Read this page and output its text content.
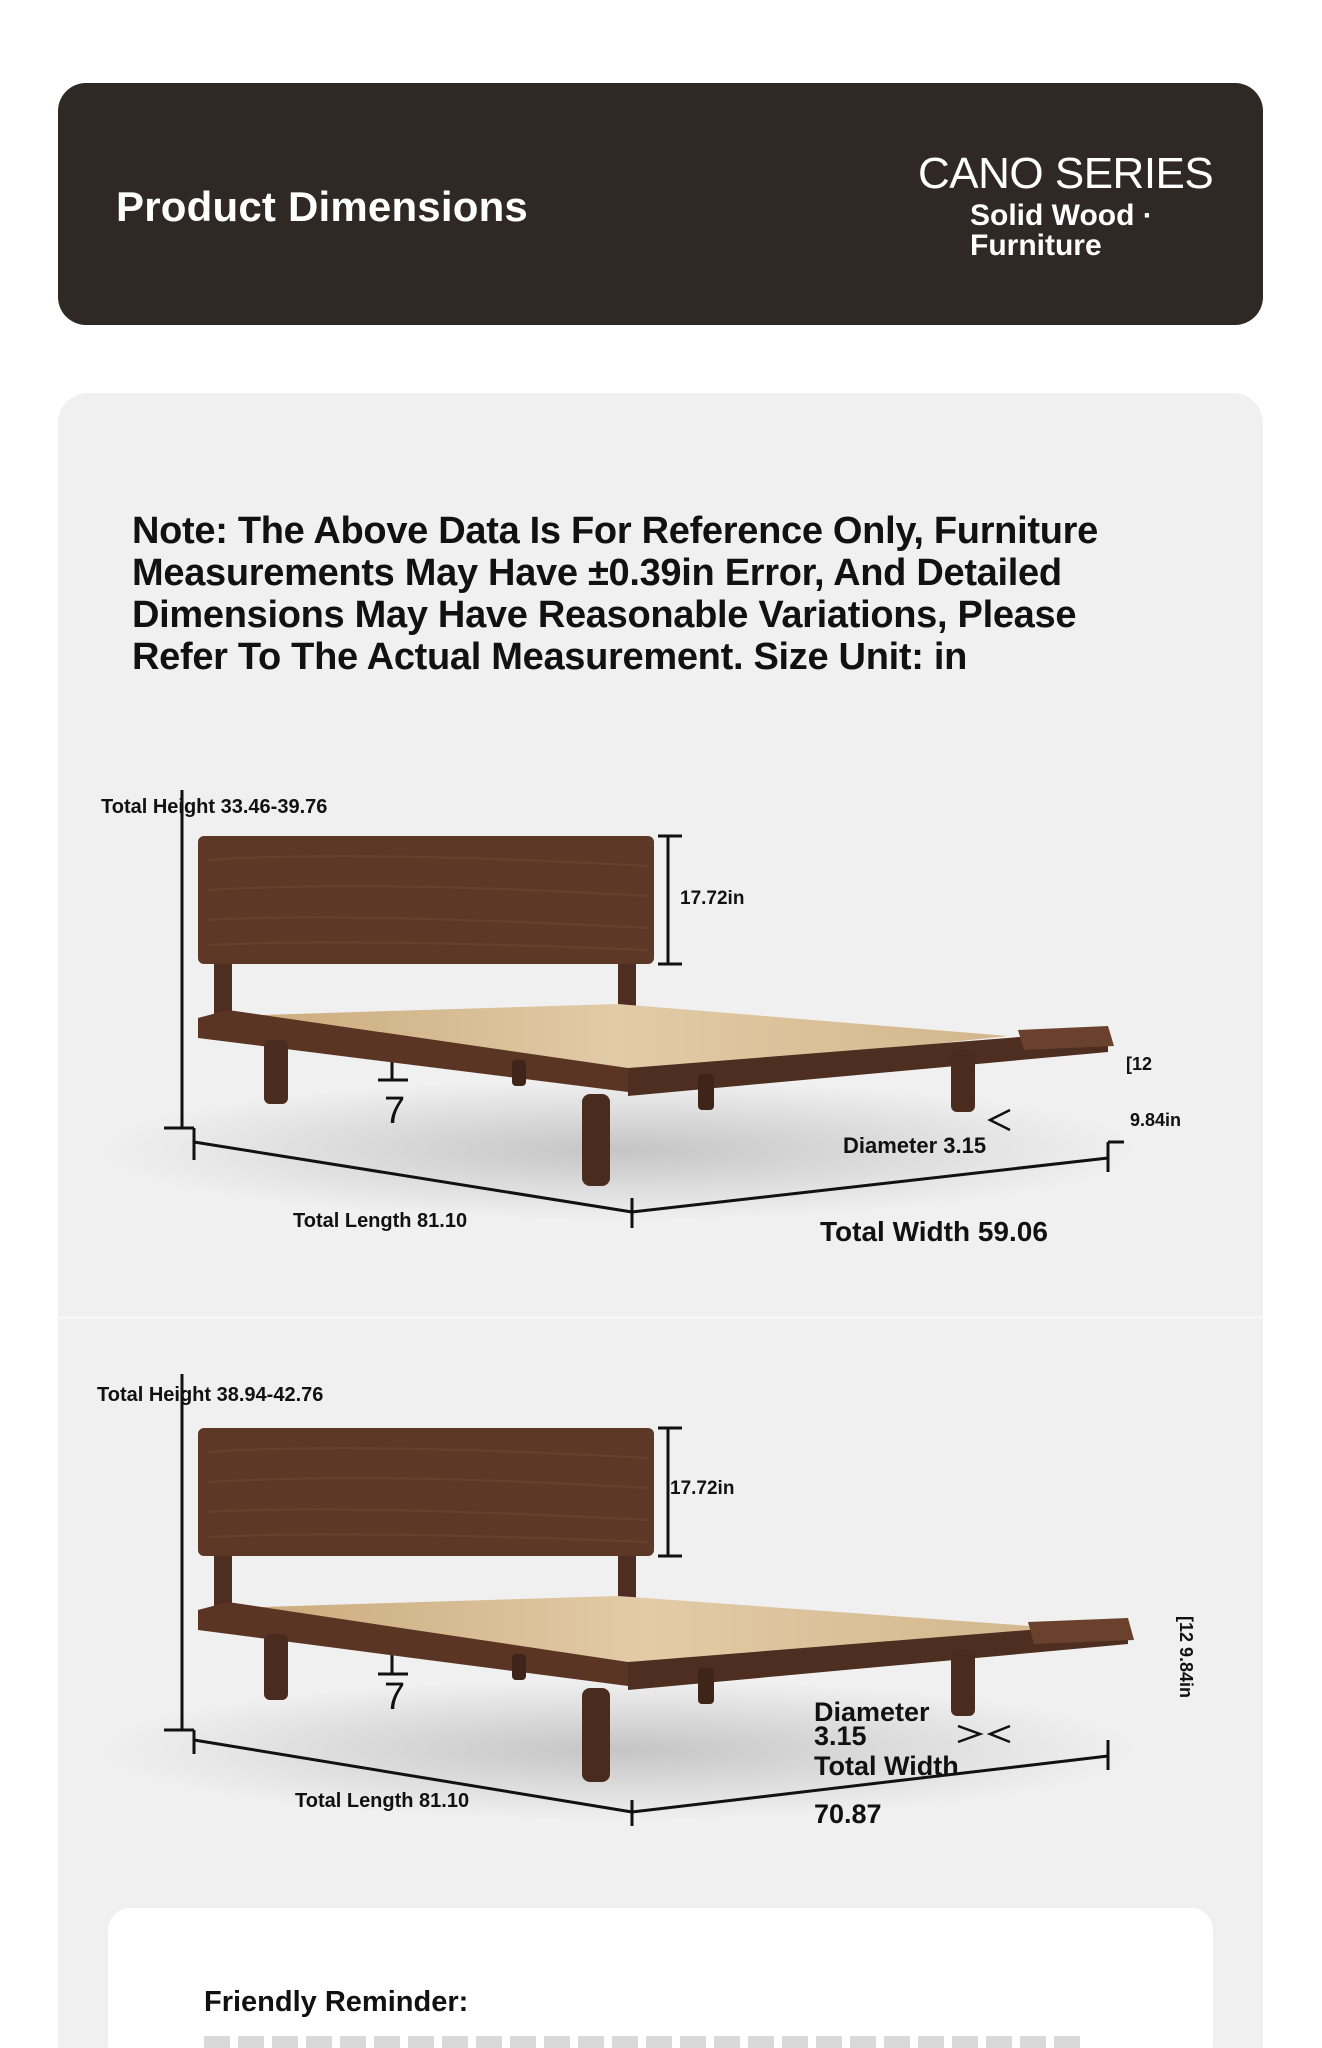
Product Dimensions
CANO SERIES
Solid Wood · Furniture
Note: The Above Data Is For Reference Only, Furniture Measurements May Have ±0.39in Error, And Detailed Dimensions May Have Reasonable Variations, Please Refer To The Actual Measurement. Size Unit: in
Total Height 33.46-39.76
17.72in
7
[12
9.84in
Diameter 3.15
Total Length 81.10	Total Width 59.06
Total Height 38.94-42.76
17.72in
7	[12 9.84in
Diameter 3.15
Total Width
70.87
Total Length 81.10
Friendly Reminder:
